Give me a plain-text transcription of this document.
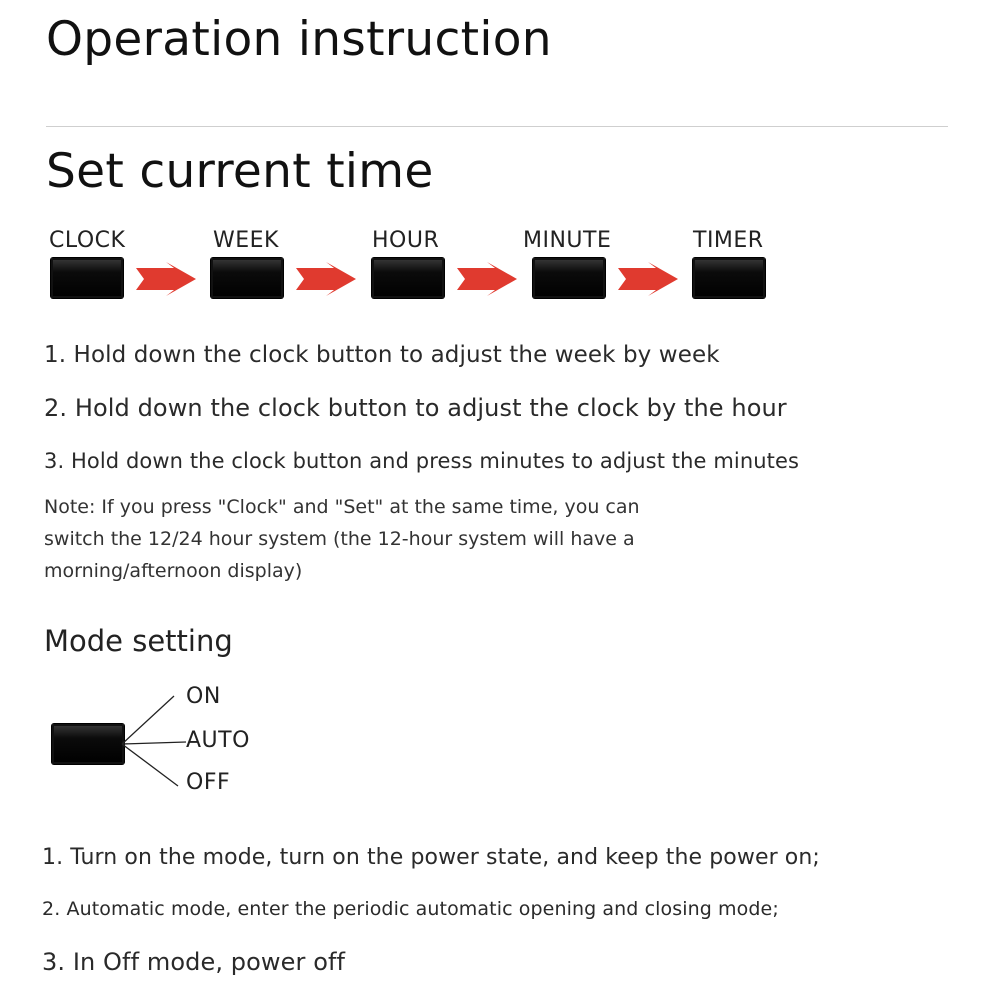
Operation instruction
Set current time
CLOCK	WEEK	HOUR	MINUTE	TIMER
1. Hold down the clock button to adjust the week by week
2. Hold down the clock button to adjust the clock by the hour
3. Hold down the clock button and press minutes to adjust the minutes
Note: If you press "Clock" and "Set" at the same time, you can
switch the 12/24 hour system (the 12-hour system will have a
morning/afternoon display)
Mode setting
ON
AUTO
OFF
1. Turn on the mode, turn on the power state, and keep the power on;
2. Automatic mode, enter the periodic automatic opening and closing mode;
3. In Off mode, power off
